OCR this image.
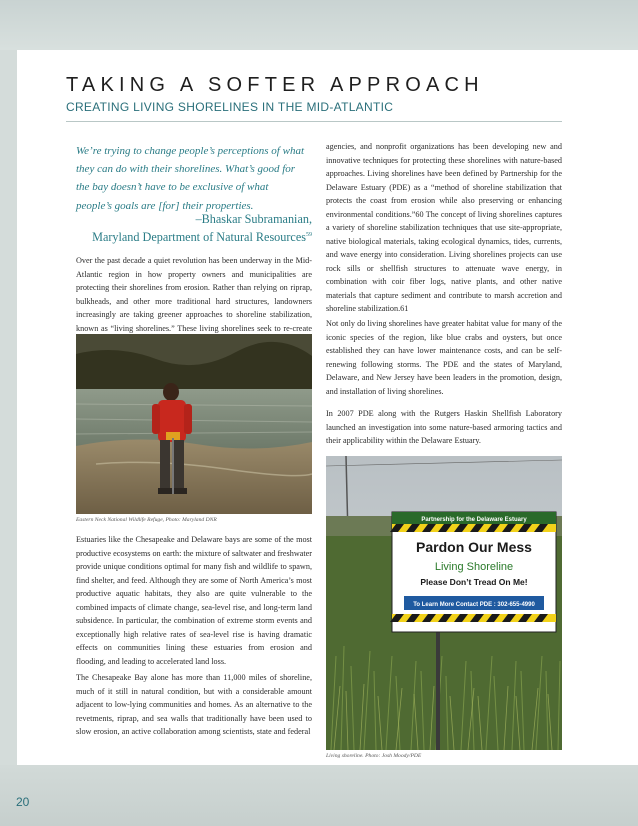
TAKING A SOFTER APPROACH
CREATING LIVING SHORELINES IN THE MID-ATLANTIC
We’re trying to change people’s perceptions of what they can do with their shorelines. What’s good for the bay doesn’t have to be exclusive of what people’s goals are [for] their properties.
–Bhaskar Subramanian,
Maryland Department of Natural Resources$^{59}$

Over the past decade a quiet revolution has been underway in the Mid-Atlantic region in how property owners and municipalities are protecting their shorelines from erosion. Rather than relying on riprap, bulkheads, and other more traditional hard structures, landowners increasingly are taking greener approaches to shoreline stabilization, known as “living shorelines.” These living shorelines seek to re-create

Eastern Neck National Wildlife Refuge, Photo: Maryland DNR

Estuaries like the Chesapeake and Delaware bays are some of the most productive ecosystems on earth: the mixture of saltwater and freshwater provide unique conditions optimal for many fish and wildlife to spawn, find shelter, and feed. Although they are some of North America’s most productive aquatic habitats, they also are quite vulnerable to the combined impacts of climate change, sea-level rise, and long-term land subsidence. In particular, the combination of extreme storm events and exceptionally high relative rates of sea-level rise is having dramatic effects on communities lining these estuaries from erosion and flooding, and leading to accelerated land loss.

The Chesapeake Bay alone has more than 11,000 miles of shoreline, much of it still in natural condition, but with a considerable amount adjacent to low-lying communities and homes. As an alternative to the revetments, riprap, and sea walls that traditionally have been used to slow erosion, an active collaboration among scientists, state and federal

agencies, and nonprofit organizations has been developing new and innovative techniques for protecting these shorelines with nature-based approaches. Living shorelines have been defined by Partnership for the Delaware Estuary (PDE) as a “method of shoreline stabilization that protects the coast from erosion while also preserving or enhancing environmental conditions.”60 The concept of living shorelines captures a variety of shoreline stabilization techniques that use site-appropriate, native biological materials, taking ecological dynamics, tides, currents, and wave energy into consideration. Living shorelines projects can use rock sills or shellfish structures to attenuate wave energy, in combination with coir fiber logs, native plants, and other native materials that capture sediment and contribute to marsh accretion and shoreline stabilization.61

Not only do living shorelines have greater habitat value for many of the iconic species of the region, like blue crabs and oysters, but once established they can have lower maintenance costs, and can be self-renewing following storms. The PDE and the states of Maryland, Delaware, and New Jersey have been leaders in the promotion, design, and installation of living shorelines.

In 2007 PDE along with the Rutgers Haskin Shellfish Laboratory launched an investigation into some nature-based armoring tactics and their applicability within the Delaware Estuary.

Partnership for the Delaware Estuary
Pardon Our Mess
Living Shoreline
Please Don’t Tread On Me!
To Learn More Contact PDE : 302-655-4990
Living shoreline. Photo: Josh Moody/PDE
20
